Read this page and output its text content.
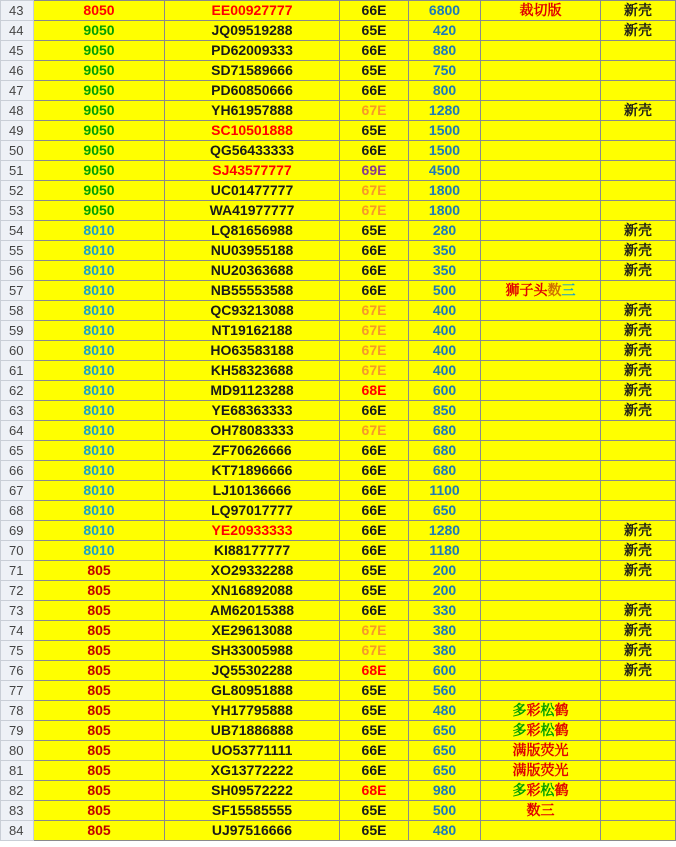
43	8050	EE00927777	66E	6800	裁切版	新壳
44	9050	JQ09519288	65E	420		新壳
45	9050	PD62009333	66E	880		
46	9050	SD71589666	65E	750		
47	9050	PD60850666	66E	800		
48	9050	YH61957888	67E	1280		新壳
49	9050	SC10501888	65E	1500		
50	9050	QG56433333	66E	1500		
51	9050	SJ43577777	69E	4500		
52	9050	UC01477777	67E	1800		
53	9050	WA41977777	67E	1800		
54	8010	LQ81656988	65E	280		新壳
55	8010	NU03955188	66E	350		新壳
56	8010	NU20363688	66E	350		新壳
57	8010	NB55553588	66E	500	狮子头数三	
58	8010	QC93213088	67E	400		新壳
59	8010	NT19162188	67E	400		新壳
60	8010	HO63583188	67E	400		新壳
61	8010	KH58323688	67E	400		新壳
62	8010	MD91123288	68E	600		新壳
63	8010	YE68363333	66E	850		新壳
64	8010	OH78083333	67E	680		
65	8010	ZF70626666	66E	680		
66	8010	KT71896666	66E	680		
67	8010	LJ10136666	66E	1100		
68	8010	LQ97017777	66E	650		
69	8010	YE20933333	66E	1280		新壳
70	8010	KI88177777	66E	1180		新壳
71	805	XO29332288	65E	200		新壳
72	805	XN16892088	65E	200		
73	805	AM62015388	66E	330		新壳
74	805	XE29613088	67E	380		新壳
75	805	SH33005988	67E	380		新壳
76	805	JQ55302288	68E	600		新壳
77	805	GL80951888	65E	560		
78	805	YH17795888	65E	480	多彩松鹤	
79	805	UB71886888	65E	650	多彩松鹤	
80	805	UO53771111	66E	650	满版荧光	
81	805	XG13772222	66E	650	满版荧光	
82	805	SH09572222	68E	980	多彩松鹤	
83	805	SF15585555	65E	500	数三	
84	805	UJ97516666	65E	480		
